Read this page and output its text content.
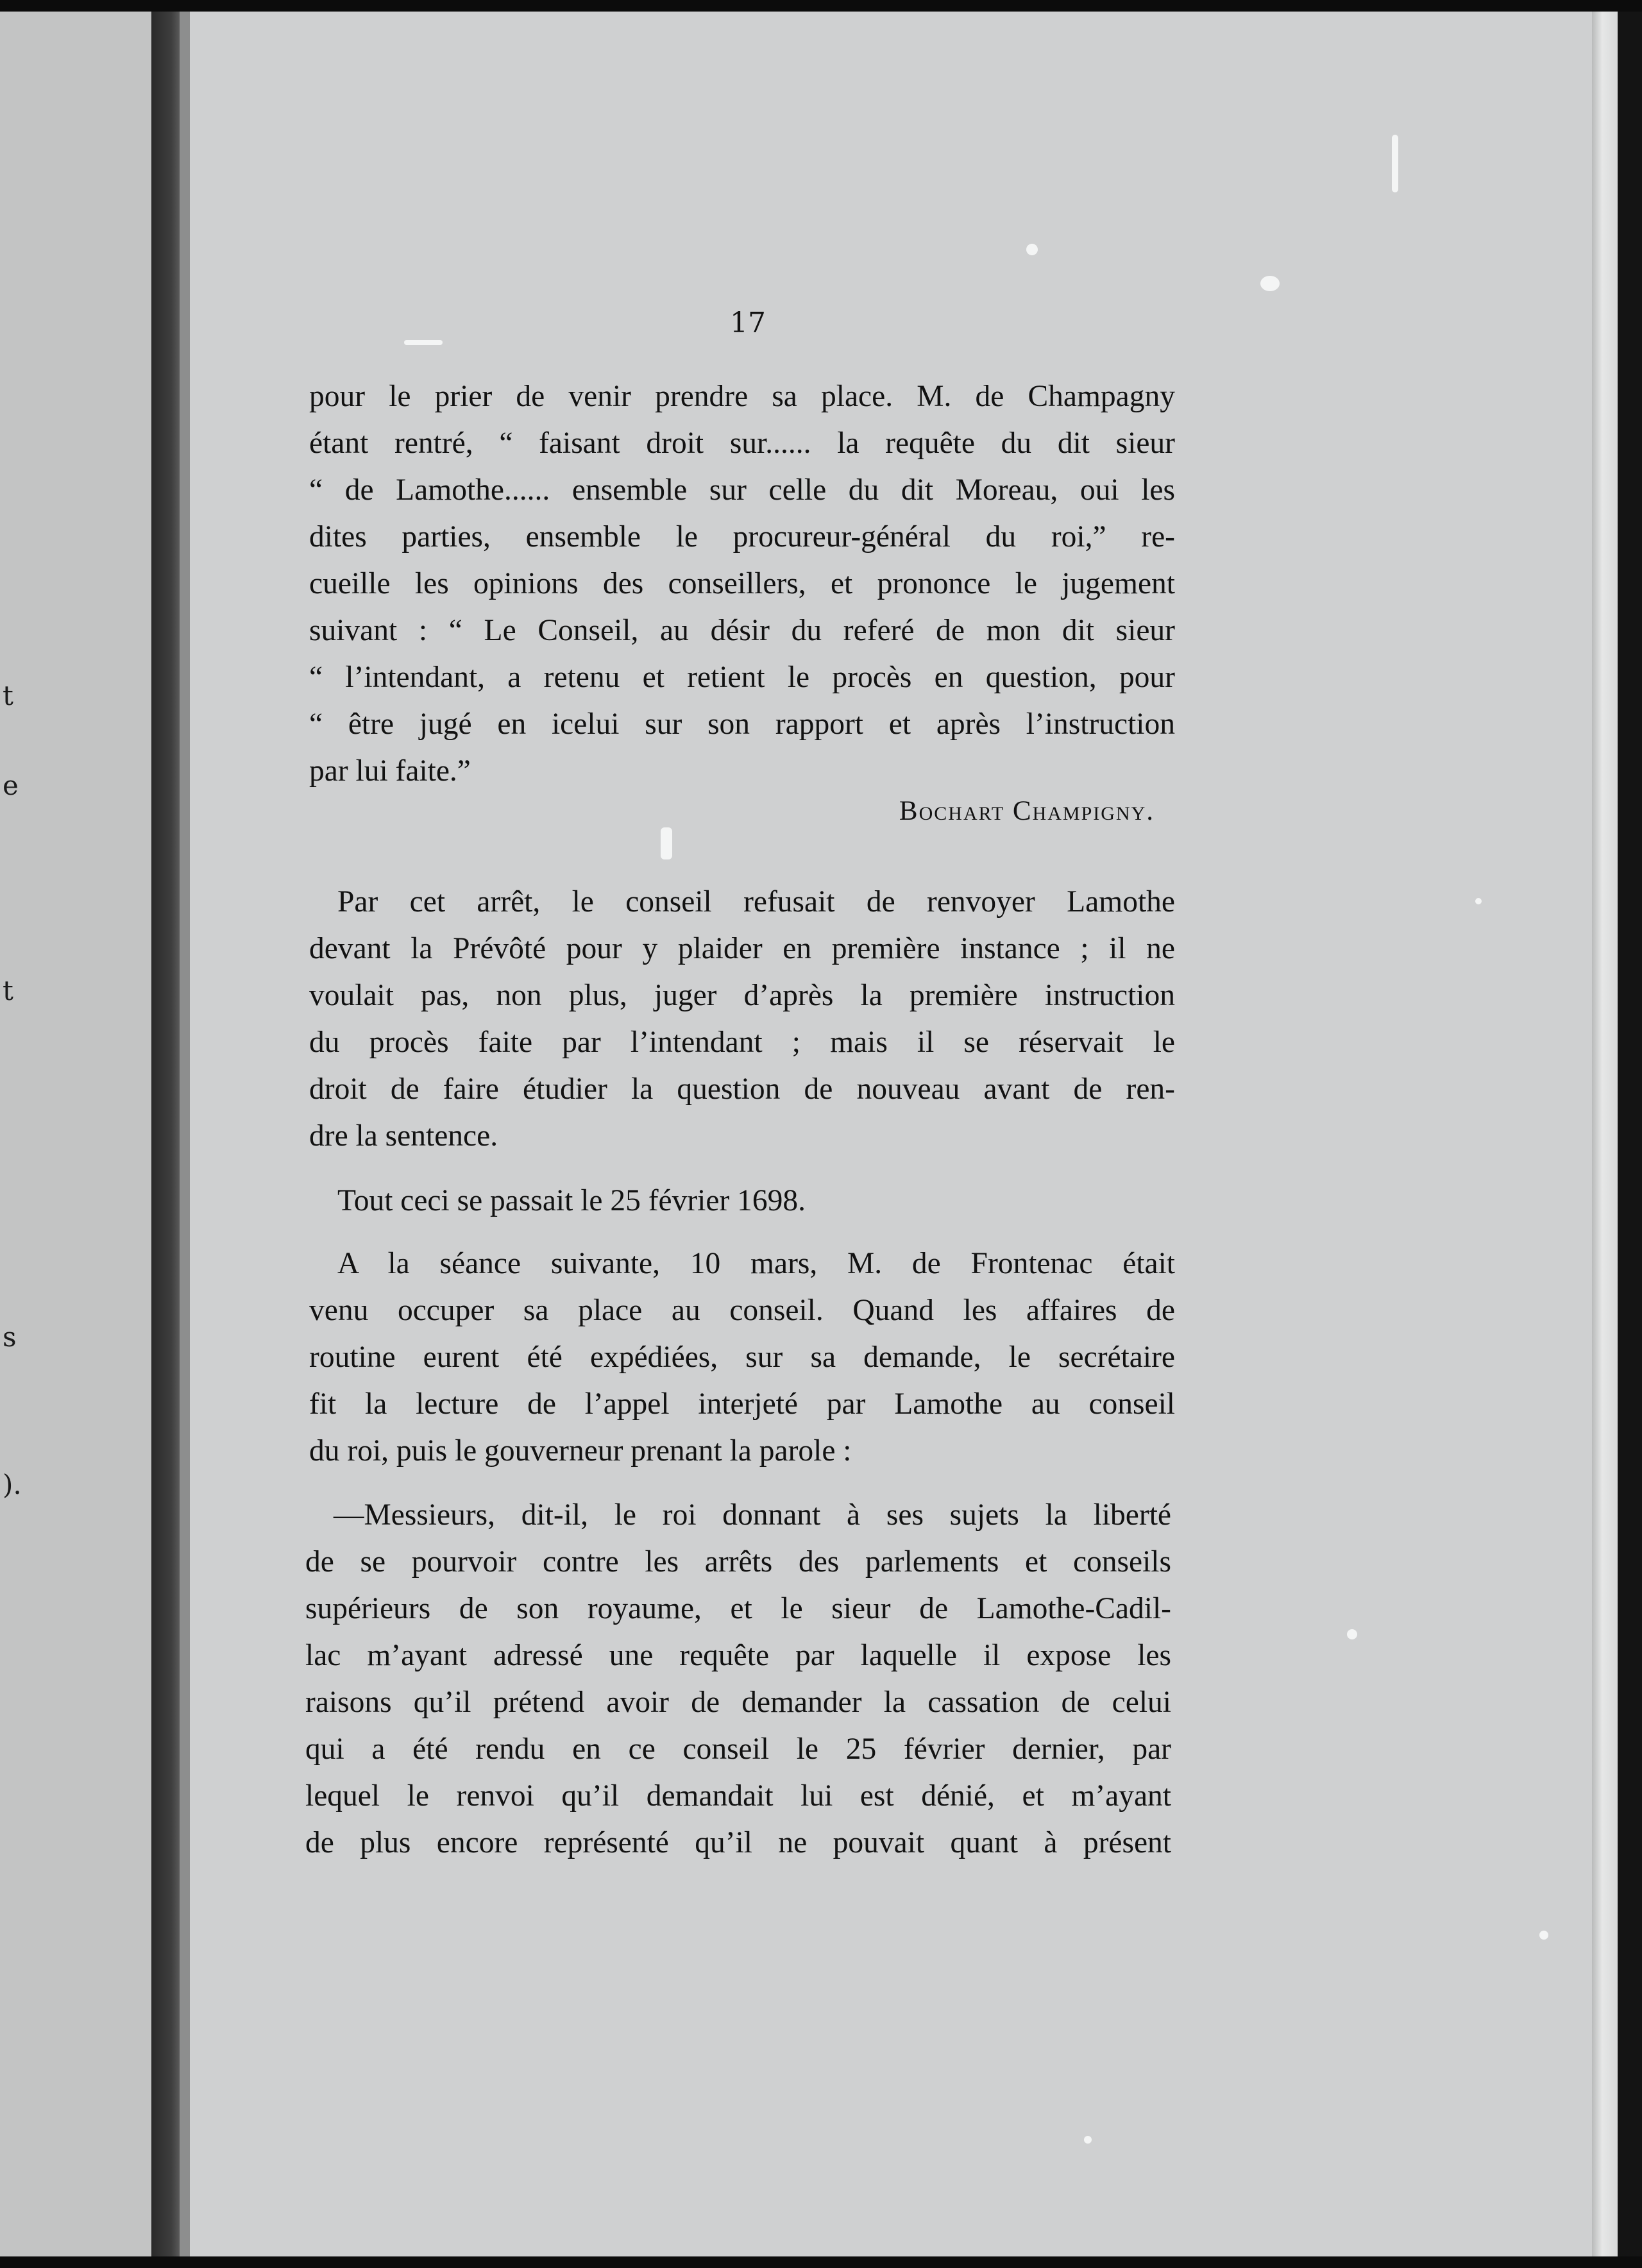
t
e
t
s
).
17
pour le prier de venir prendre sa place. M. de Champagny
étant rentré, “ faisant droit sur...... la requête du dit sieur
“ de Lamothe...... ensemble sur celle du dit Moreau, oui les
dites parties, ensemble le procureur-général du roi,” re-
cueille les opinions des conseillers, et prononce le jugement
suivant : “ Le Conseil, au désir du referé de mon dit sieur
“ l’intendant, a retenu et retient le procès en question, pour
“ être jugé en icelui sur son rapport et après l’instruction
par lui faite.”
Bochart Champigny.
Par cet arrêt, le conseil refusait de renvoyer Lamothe
devant la Prévôté pour y plaider en première instance ; il ne
voulait pas, non plus, juger d’après la première instruction
du procès faite par l’intendant ; mais il se réservait le
droit de faire étudier la question de nouveau avant de ren-
dre la sentence.
Tout ceci se passait le 25 février 1698.
A la séance suivante, 10 mars, M. de Frontenac était
venu occuper sa place au conseil. Quand les affaires de
routine eurent été expédiées, sur sa demande, le secrétaire
fit la lecture de l’appel interjeté par Lamothe au conseil
du roi, puis le gouverneur prenant la parole :
—Messieurs, dit-il, le roi donnant à ses sujets la liberté
de se pourvoir contre les arrêts des parlements et conseils
supérieurs de son royaume, et le sieur de Lamothe-Cadil-
lac m’ayant adressé une requête par laquelle il expose les
raisons qu’il prétend avoir de demander la cassation de celui
qui a été rendu en ce conseil le 25 février dernier, par
lequel le renvoi qu’il demandait lui est dénié, et m’ayant
de plus encore représenté qu’il ne pouvait quant à présent
